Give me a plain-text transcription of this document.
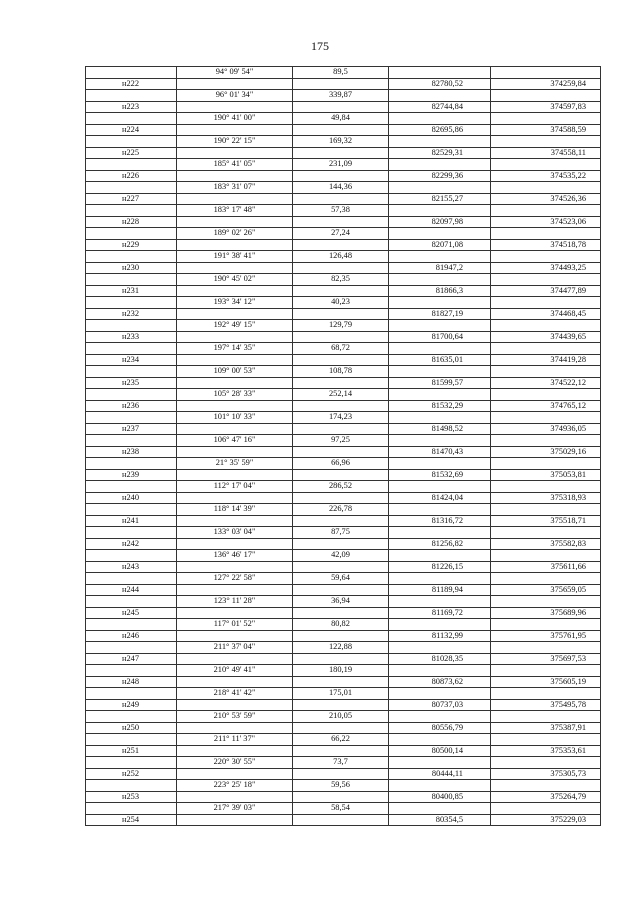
175
	94° 09' 54"	89,5		
н222			82780,52	374259,84
	96° 01' 34"	339,87		
н223			82744,84	374597,83
	190° 41' 00"	49,84		
н224			82695,86	374588,59
	190° 22' 15"	169,32		
н225			82529,31	374558,11
	185° 41' 05"	231,09		
н226			82299,36	374535,22
	183° 31' 07"	144,36		
н227			82155,27	374526,36
	183° 17' 48"	57,38		
н228			82097,98	374523,06
	189° 02' 26"	27,24		
н229			82071,08	374518,78
	191° 38' 41"	126,48		
н230			81947,2	374493,25
	190° 45' 02"	82,35		
н231			81866,3	374477,89
	193° 34' 12"	40,23		
н232			81827,19	374468,45
	192° 49' 15"	129,79		
н233			81700,64	374439,65
	197° 14' 35"	68,72		
н234			81635,01	374419,28
	109° 00' 53"	108,78		
н235			81599,57	374522,12
	105° 28' 33"	252,14		
н236			81532,29	374765,12
	101° 10' 33"	174,23		
н237			81498,52	374936,05
	106° 47' 16"	97,25		
н238			81470,43	375029,16
	21° 35' 59"	66,96		
н239			81532,69	375053,81
	112° 17' 04"	286,52		
н240			81424,04	375318,93
	118° 14' 39"	226,78		
н241			81316,72	375518,71
	133° 03' 04"	87,75		
н242			81256,82	375582,83
	136° 46' 17"	42,09		
н243			81226,15	375611,66
	127° 22' 58"	59,64		
н244			81189,94	375659,05
	123° 11' 28"	36,94		
н245			81169,72	375689,96
	117° 01' 52"	80,82		
н246			81132,99	375761,95
	211° 37' 04"	122,88		
н247			81028,35	375697,53
	210° 49' 41"	180,19		
н248			80873,62	375605,19
	218° 41' 42"	175,01		
н249			80737,03	375495,78
	210° 53' 59"	210,05		
н250			80556,79	375387,91
	211° 11' 37"	66,22		
н251			80500,14	375353,61
	220° 30' 55"	73,7		
н252			80444,11	375305,73
	223° 25' 18"	59,56		
н253			80400,85	375264,79
	217° 39' 03"	58,54		
н254			80354,5	375229,03
